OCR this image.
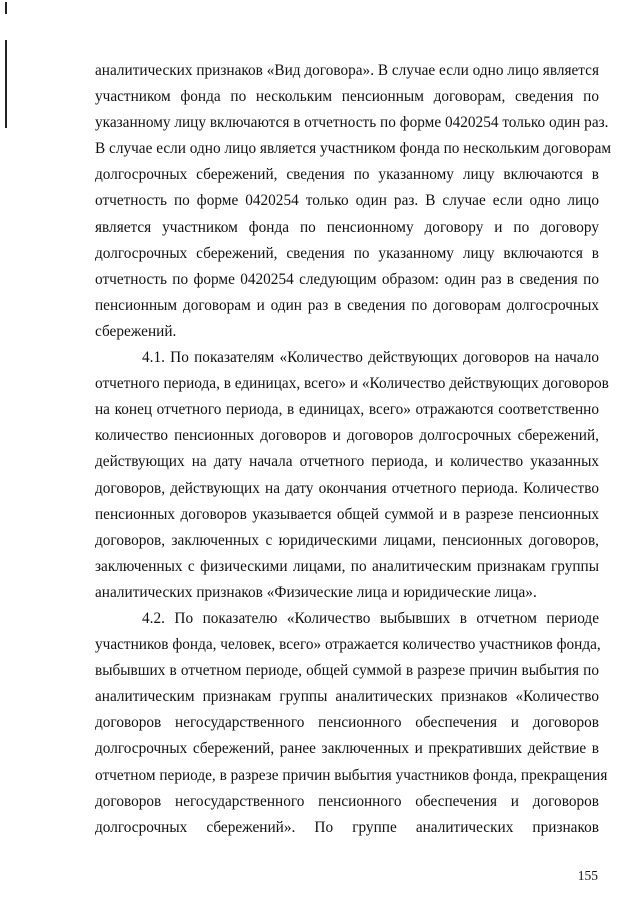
аналитических признаков «Вид договора». В случае если одно лицо является
участником фонда по нескольким пенсионным договорам, сведения по
указанному лицу включаются в отчетность по форме 0420254 только один раз.
В случае если одно лицо является участником фонда по нескольким договорам
долгосрочных сбережений, сведения по указанному лицу включаются в
отчетность по форме 0420254 только один раз. В случае если одно лицо
является участником фонда по пенсионному договору и по договору
долгосрочных сбережений, сведения по указанному лицу включаются в
отчетность по форме 0420254 следующим образом: один раз в сведения по
пенсионным договорам и один раз в сведения по договорам долгосрочных
сбережений.
4.1. По показателям «Количество действующих договоров на начало
отчетного периода, в единицах, всего» и «Количество действующих договоров
на конец отчетного периода, в единицах, всего» отражаются соответственно
количество пенсионных договоров и договоров долгосрочных сбережений,
действующих на дату начала отчетного периода, и количество указанных
договоров, действующих на дату окончания отчетного периода. Количество
пенсионных договоров указывается общей суммой и в разрезе пенсионных
договоров, заключенных с юридическими лицами, пенсионных договоров,
заключенных с физическими лицами, по аналитическим признакам группы
аналитических признаков «Физические лица и юридические лица».
4.2. По показателю «Количество выбывших в отчетном периоде
участников фонда, человек, всего» отражается количество участников фонда,
выбывших в отчетном периоде, общей суммой в разрезе причин выбытия по
аналитическим признакам группы аналитических признаков «Количество
договоров негосударственного пенсионного обеспечения и договоров
долгосрочных сбережений, ранее заключенных и прекративших действие в
отчетном периоде, в разрезе причин выбытия участников фонда, прекращения
договоров негосударственного пенсионного обеспечения и договоров
долгосрочных сбережений». По группе аналитических признаков
155
